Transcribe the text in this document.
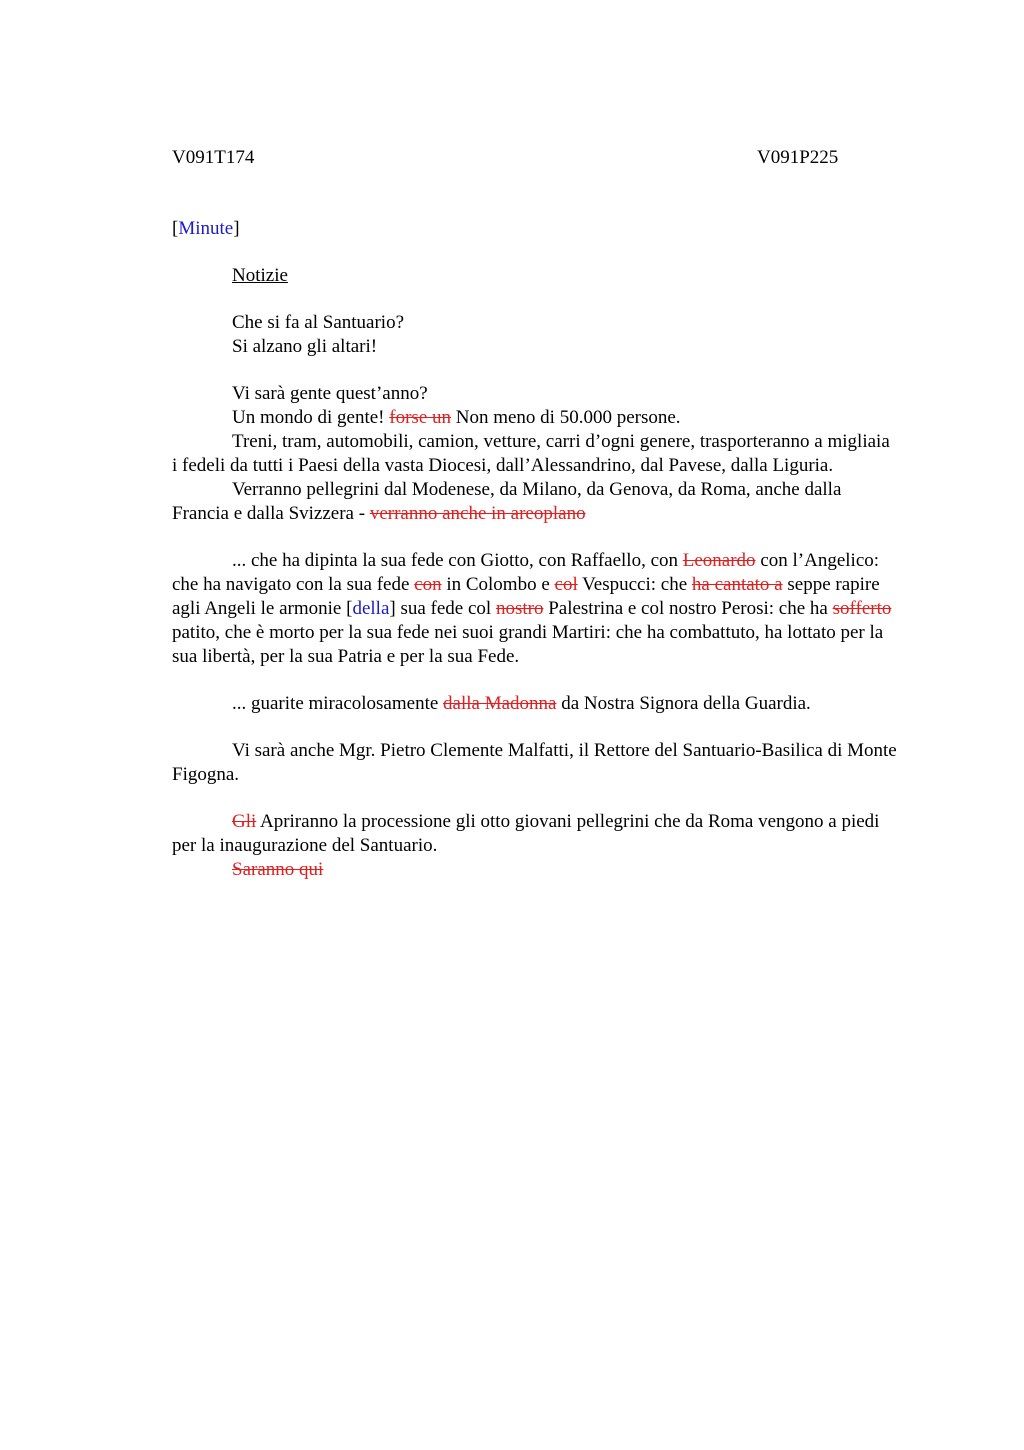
V091T174	V091P225

[Minute]

Notizie

Che si fa al Santuario?

Si alzano gli altari!

Vi sarà gente quest’anno?

Un mondo di gente! forse un Non meno di 50.000 persone.

Treni, tram, automobili, camion, vetture, carri d’ogni genere, trasporteranno a migliaia i fedeli da tutti i Paesi della vasta Diocesi, dall’Alessandrino, dal Pavese, dalla Liguria.

Verranno pellegrini dal Modenese, da Milano, da Genova, da Roma, anche dalla Francia e dalla Svizzera - verranno anche in areoplano

... che ha dipinta la sua fede con Giotto, con Raffaello, con Leonardo con l’Angelico: che ha navigato con la sua fede con in Colombo e col Vespucci: che ha cantato a seppe rapire agli Angeli le armonie [della] sua fede col nostro Palestrina e col nostro Perosi: che ha sofferto patito, che è morto per la sua fede nei suoi grandi Martiri: che ha combattuto, ha lottato per la sua libertà, per la sua Patria e per la sua Fede.

... guarite miracolosamente dalla Madonna da Nostra Signora della Guardia.

Vi sarà anche Mgr. Pietro Clemente Malfatti, il Rettore del Santuario-Basilica di Monte Figogna.

Gli Apriranno la processione gli otto giovani pellegrini che da Roma vengono a piedi per la inaugurazione del Santuario.

Saranno qui
